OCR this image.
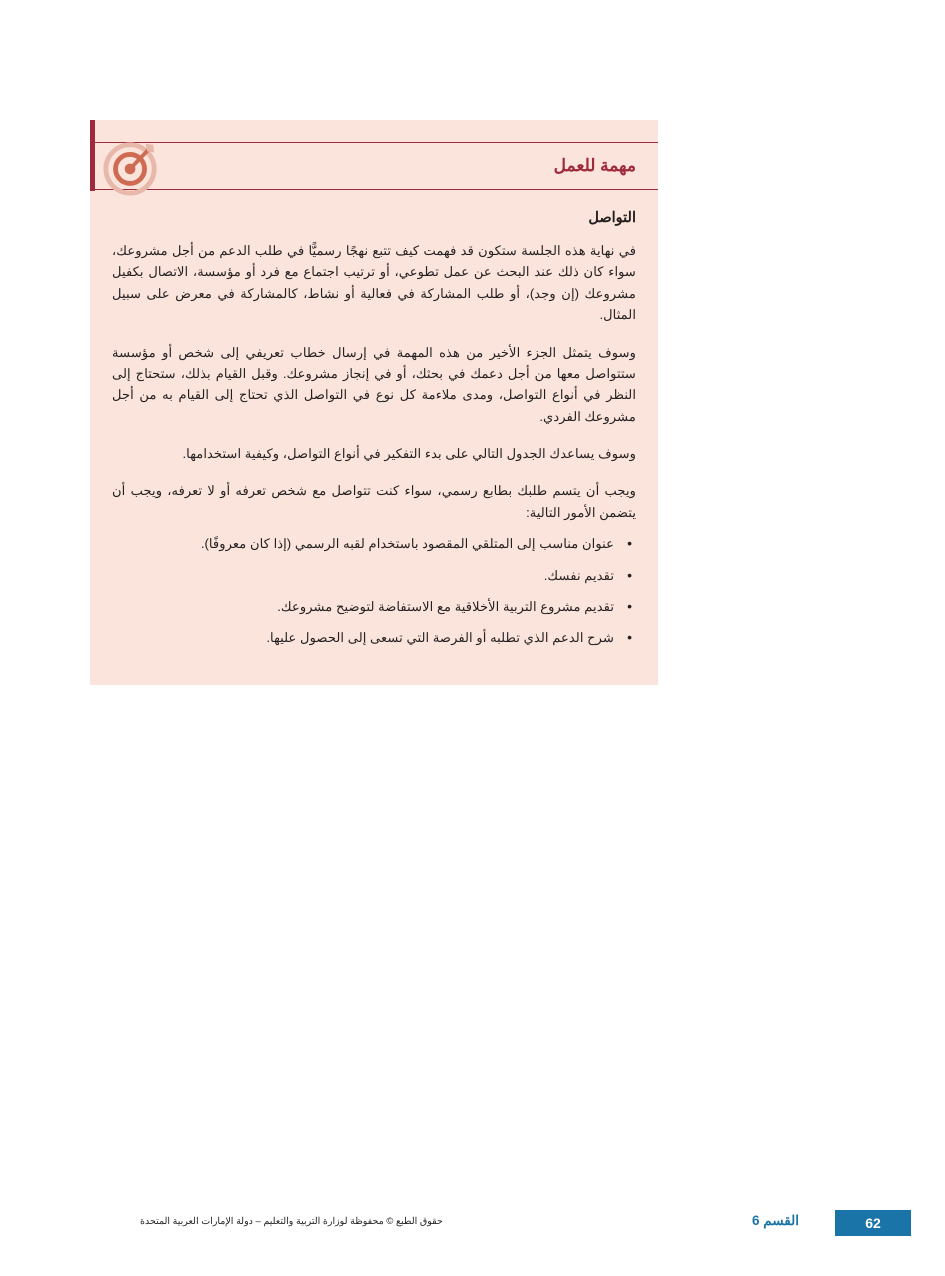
مهمة للعمل
التواصل

في نهاية هذه الجلسة ستكون قد فهمت كيف تتبع نهجًا رسميًّا في طلب الدعم من أجل مشروعك، سواء كان ذلك عند البحث عن عمل تطوعي، أو ترتيب اجتماع مع فرد أو مؤسسة، الاتصال بكفيل مشروعك (إن وجد)، أو طلب المشاركة في فعالية أو نشاط، كالمشاركة في معرض على سبيل المثال.

وسوف يتمثل الجزء الأخير من هذه المهمة في إرسال خطاب تعريفي إلى شخص أو مؤسسة ستتواصل معها من أجل دعمك في بحثك، أو في إنجاز مشروعك. وقبل القيام بذلك، ستحتاج إلى النظر في أنواع التواصل، ومدى ملاءمة كل نوع في التواصل الذي تحتاج إلى القيام به من أجل مشروعك الفردي.

وسوف يساعدك الجدول التالي على بدء التفكير في أنواع التواصل، وكيفية استخدامها.

ويجب أن يتسم طلبك بطابع رسمي، سواء كنت تتواصل مع شخص تعرفه أو لا تعرفه، ويجب أن يتضمن الأمور التالية:

• عنوان مناسب إلى المتلقي المقصود باستخدام لقبه الرسمي (إذا كان معروفًا).
• تقديم نفسك.
• تقديم مشروع التربية الأخلاقية مع الاستفاضة لتوضيح مشروعك.
• شرح الدعم الذي تطلبه أو الفرصة التي تسعى إلى الحصول عليها.
62
القسم 6
حقوق الطبع © محفوظة لوزارة التربية والتعليم – دولة الإمارات العربية المتحدة
